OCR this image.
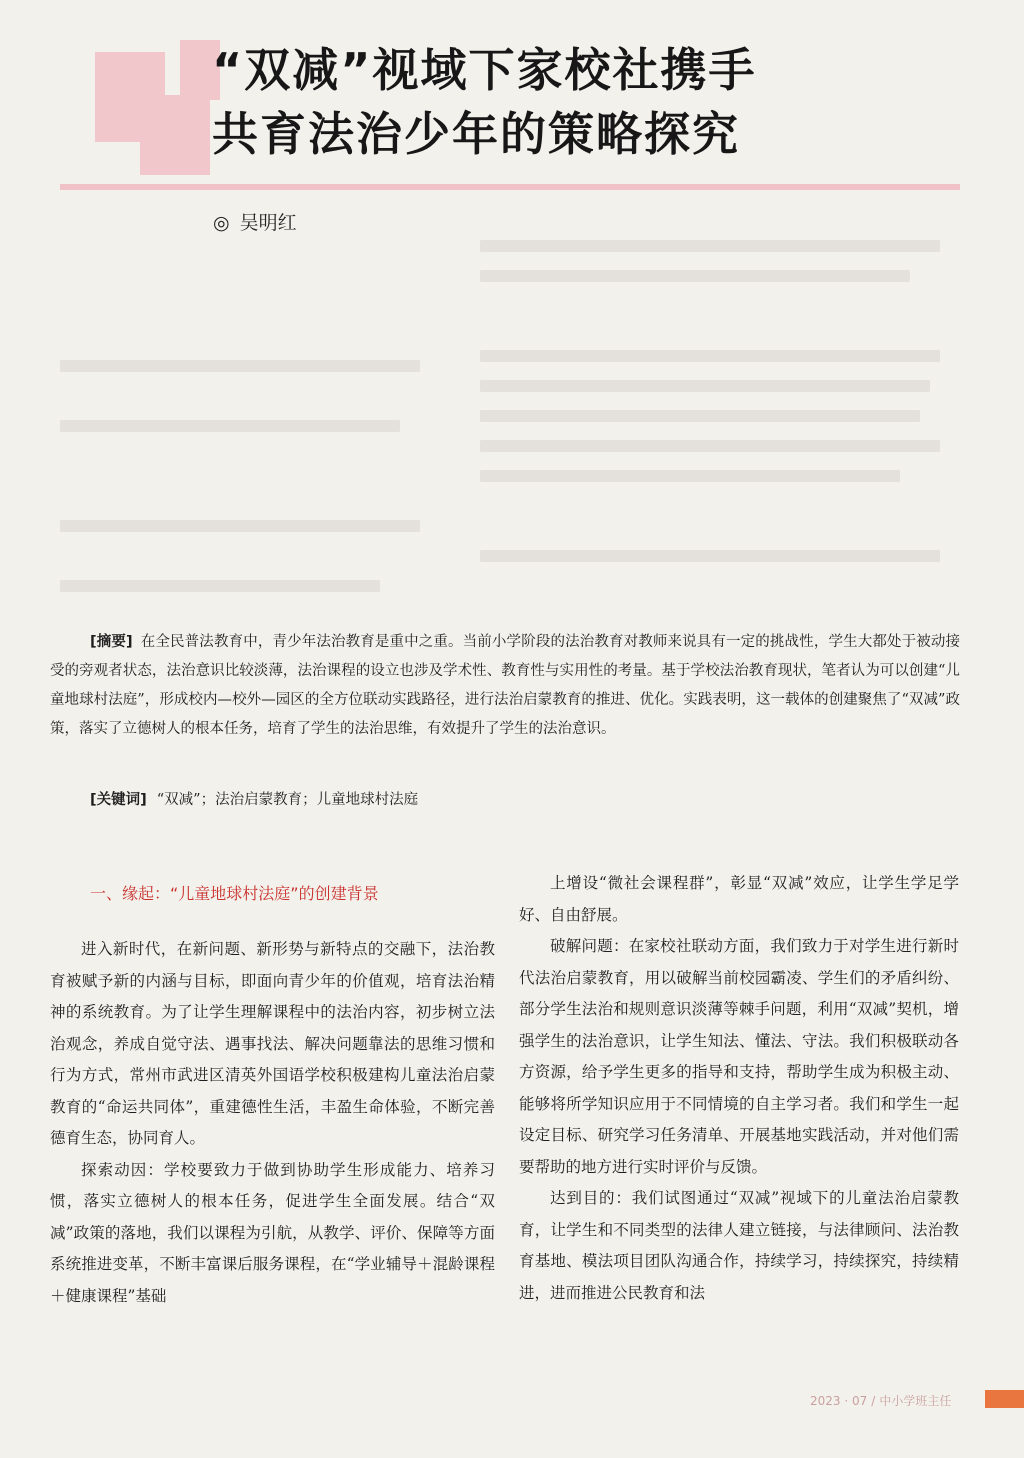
“双减”视域下家校社携手
共育法治少年的策略探究
◎ 吴明红
[摘要] 在全民普法教育中，青少年法治教育是重中之重。当前小学阶段的法治教育对教师来说具有一定的挑战性，学生大都处于被动接受的旁观者状态，法治意识比较淡薄，法治课程的设立也涉及学术性、教育性与实用性的考量。基于学校法治教育现状，笔者认为可以创建“儿童地球村法庭”，形成校内—校外—园区的全方位联动实践路径，进行法治启蒙教育的推进、优化。实践表明，这一载体的创建聚焦了“双减”政策，落实了立德树人的根本任务，培育了学生的法治思维，有效提升了学生的法治意识。
[关键词] “双减”；法治启蒙教育；儿童地球村法庭
一、缘起：“儿童地球村法庭”的创建背景

进入新时代，在新问题、新形势与新特点的交融下，法治教育被赋予新的内涵与目标，即面向青少年的价值观，培育法治精神的系统教育。为了让学生理解课程中的法治内容，初步树立法治观念，养成自觉守法、遇事找法、解决问题靠法的思维习惯和行为方式，常州市武进区清英外国语学校积极建构儿童法治启蒙教育的“命运共同体”，重建德性生活，丰盈生命体验，不断完善德育生态，协同育人。

探索动因：学校要致力于做到协助学生形成能力、培养习惯，落实立德树人的根本任务，促进学生全面发展。结合“双减”政策的落地，我们以课程为引航，从教学、评价、保障等方面系统推进变革，不断丰富课后服务课程，在“学业辅导＋混龄课程＋健康课程”基础

上增设“微社会课程群”，彰显“双减”效应，让学生学足学好、自由舒展。

破解问题：在家校社联动方面，我们致力于对学生进行新时代法治启蒙教育，用以破解当前校园霸凌、学生们的矛盾纠纷、部分学生法治和规则意识淡薄等棘手问题，利用“双减”契机，增强学生的法治意识，让学生知法、懂法、守法。我们积极联动各方资源，给予学生更多的指导和支持，帮助学生成为积极主动、能够将所学知识应用于不同情境的自主学习者。我们和学生一起设定目标、研究学习任务清单、开展基地实践活动，并对他们需要帮助的地方进行实时评价与反馈。

达到目的：我们试图通过“双减”视域下的儿童法治启蒙教育，让学生和不同类型的法律人建立链接，与法律顾问、法治教育基地、模法项目团队沟通合作，持续学习，持续探究，持续精进，进而推进公民教育和法

2023 · 07 / 中小学班主任
